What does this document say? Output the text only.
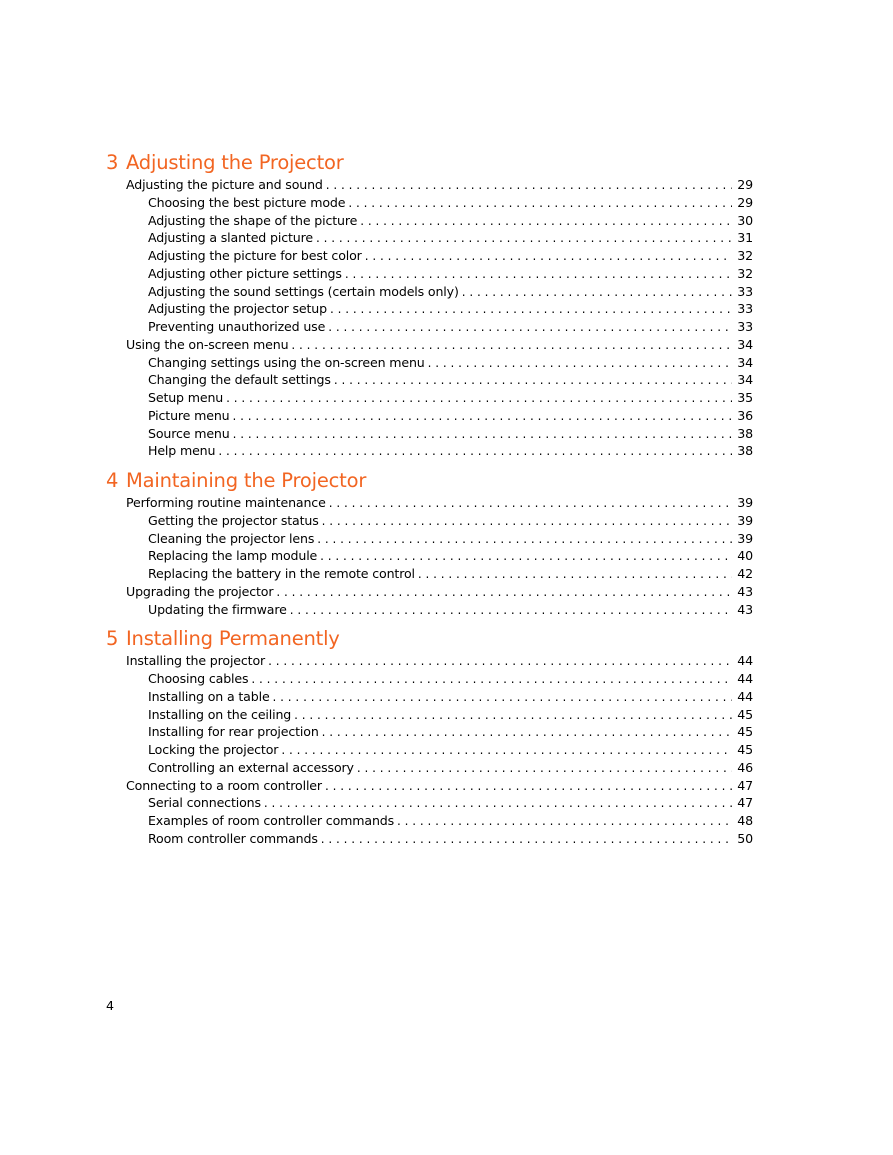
3 Adjusting the Projector
Adjusting the picture and sound . . .	29
Choosing the best picture mode . . .	29
Adjusting the shape of the picture . . .	30
Adjusting a slanted picture . . .	31
Adjusting the picture for best color . . .	32
Adjusting other picture settings . . .	32
Adjusting the sound settings (certain models only) . . .	33
Adjusting the projector setup . . .	33
Preventing unauthorized use . . .	33
Using the on-screen menu . . .	34
Changing settings using the on-screen menu . . .	34
Changing the default settings . . .	34
Setup menu . . .	35
Picture menu . . .	36
Source menu . . .	38
Help menu . . .	38
4 Maintaining the Projector
Performing routine maintenance . . .	39
Getting the projector status . . .	39
Cleaning the projector lens . . .	39
Replacing the lamp module . . .	40
Replacing the battery in the remote control . . .	42
Upgrading the projector . . .	43
Updating the firmware . . .	43
5 Installing Permanently
Installing the projector . . .	44
Choosing cables . . .	44
Installing on a table . . .	44
Installing on the ceiling . . .	45
Installing for rear projection . . .	45
Locking the projector . . .	45
Controlling an external accessory . . .	46
Connecting to a room controller . . .	47
Serial connections . . .	47
Examples of room controller commands . . .	48
Room controller commands . . .	50
4
